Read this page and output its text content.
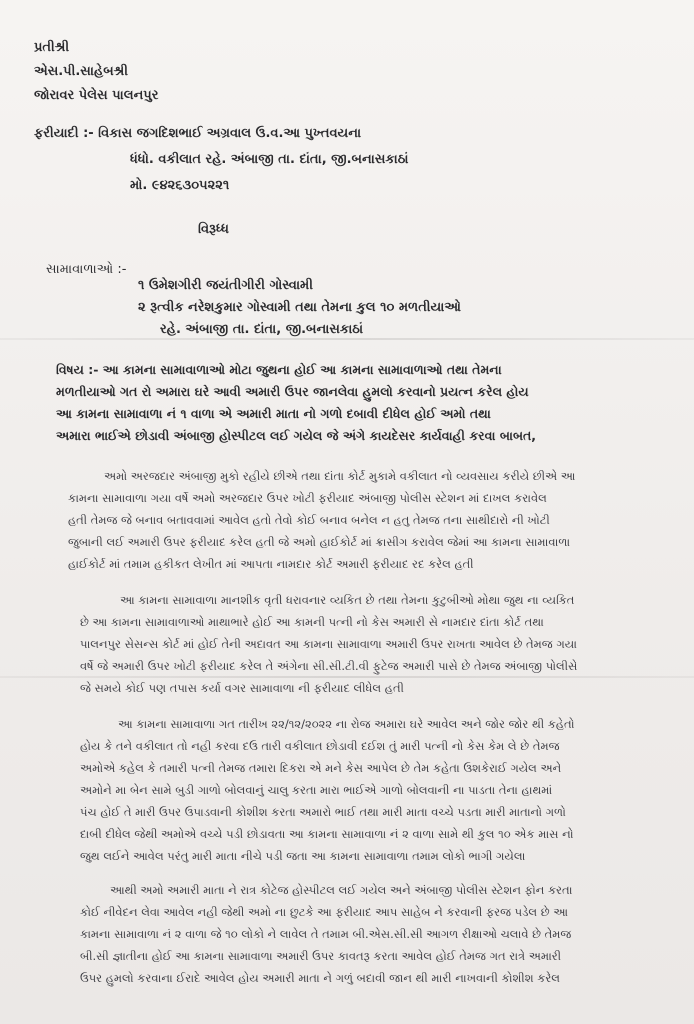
પ્રતીશ્રી
એસ.પી.સાહેબશ્રી
જોરાવર પેલેસ પાલનપુર
ફરીયાદી :- વિકાસ જગદિશભાઈ અગ્રવાલ ઉ.વ.આ પુખ્તવયના
ધંધો. વકીલાત રહે. અંબાજી તા. દાંતા, જી.બનાસકાઠાં
મો. ૯૪૨૬૩૦૫૨૨૧
વિરૂધ્ધ
સામાવાળાઓ :-
૧ ઉમેશગીરી જયંતીગીરી ગોસ્વામી
૨ રૂત્વીક નરેશકુમાર ગોસ્વામી તથા તેમના કુલ ૧૦ મળતીયાઓ
રહે. અંબાજી તા. દાંતા, જી.બનાસકાઠાં
વિષય :- આ કામના સામાવાળાઓ મોટા જુથના હોઈ આ કામના સામાવાળાઓ તથા તેમના
મળતીયાઓ ગત રો અમારા ઘરે આવી અમારી ઉપર જાનલેવા હુમલો કરવાનો પ્રયત્ન કરેલ હોય
આ કામના સામાવાળા નં ૧ વાળા એ અમારી માતા નો ગળો દબાવી દીધેલ હોઈ અમો તથા
અમારા ભાઈએ છોડાવી અંબાજી હોસ્પીટલ લઈ ગયેલ જે અંગે કાયદેસર કાર્યવાહી કરવા બાબત,
અમો અરજદાર અંબાજી મુકો રહીયે છીએ તથા દાંતા કોર્ટ મુકામે વકીલાત નો વ્યવસાય કરીયે છીએ આ
કામના સામાવાળા ગયા વર્ષે અમો અરજદાર ઉપર ખોટી ફરીયાદ અંબાજી પોલીસ સ્ટેશન માં દાખલ કરાવેલ
હતી તેમજ જે બનાવ બતાવવામાં આવેલ હતો તેવો કોઈ બનાવ બનેલ ન હતુ તેમજ તના સાથીદારો ની ખોટી
જુબાની લઈ અમારી ઉપર ફરીયાદ કરેલ હતી જે અમો હાઈકોર્ટ માં ક્રાસીગ કરાવેલ જેમાં આ કામના સામાવાળા
હાઈકોર્ટ માં તમામ હકીકત લેખીત માં આપતા નામદાર કોર્ટ અમારી ફરીયાદ રદ કરેલ હતી
આ કામના સામાવાળા માનશીક વૃતી ધરાવનાર વ્યકિત છે તથા તેમના કુટુબીઓ મોથા જુથ ના વ્યકિત
છે આ કામના સામાવાળાઓ માથાભારે હોઈ આ કામની પત્ની નો કેસ અમારી સે નામદાર દાંતા કોર્ટ તથા
પાલનપુર સેસન્સ કોર્ટ માં હોઈ તેની અદાવત આ કામના સામાવાળા અમારી ઉપર રાખતા આવેલ છે તેમજ ગયા
વર્ષે જે અમારી ઉપર ખોટી ફરીયાદ કરેલ તે અંગેના સી.સી.ટી.વી ફુટેજ અમારી પાસે છે તેમજ અંબાજી પોલીસે
જે સમયે કોઈ પણ તપાસ કર્યા વગર સામાવાળા ની ફરીયાદ લીધેલ હતી
આ કામના સામાવાળા ગત તારીખ ૨૨/૧૨/૨૦૨૨ ના રોજ અમારા ઘરે આવેલ અને જોર જોર થી કહેતો
હોય કે તને વકીલાત તો નહી કરવા દઉ તારી વકીલાત છોડાવી દઈશ તું મારી પત્ની નો કેસ કેમ લે છે તેમજ
અમોએ કહેલ કે તમારી પત્ની તેમજ તમારા દિકરા એ મને કેસ આપેલ છે તેમ કહેતા ઉશકેરાઈ ગયેલ અને
અમોને મા બેન સામે બુડી ગાળો બોલવાનું ચાલુ કરતા મારા ભાઈએ ગાળો બોલવાની ના પાડતા તેના હાથમાં
પંચ હોઈ તે મારી ઉપર ઉપાડવાની કોશીશ કરતા અમારો ભાઈ તથા મારી માતા વચ્ચે પડતા મારી માતાનો ગળો
દાબી દીધેલ જેથી અમોએ વચ્ચે પડી છોડાવતા આ કામના સામાવાળા નં ૨ વાળા સામે થી કુલ ૧૦ એક માસ નો
જુથ લઈને આવેલ પરંતુ મારી માતા નીચે પડી જતા આ કામના સામાવાળા તમામ લોકો ભાગી ગયેલા
આથી અમો અમારી માતા ને રાત્ર કોટેજ હોસ્પીટલ લઈ ગયેલ અને અંબાજી પોલીસ સ્ટેશન ફોન કરતા
કોઈ નીવેદન લેવા આવેલ નહી જેથી અમો ના છુટકે આ ફરીયાદ આપ સાહેબ ને કરવાની ફરજ પડેલ છે આ
કામના સામાવાળા નં ૨ વાળા જે ૧૦ લોકો ને લાવેલ તે તમામ બી.એસ.સી.સી આગળ રીક્ષાઓ ચલાવે છે તેમજ
બી.સી જ્ઞાતીના હોઈ આ કામના સામાવાળા અમારી ઉપર કાવતરૂ કરતા આવેલ હોઈ તેમજ ગત રાત્રે અમારી
ઉપર હુમલો કરવાના ઈરાદે આવેલ હોય અમારી માતા ને ગળું બદાવી જાન થી મારી નાખવાની કોશીશ કરેલ
